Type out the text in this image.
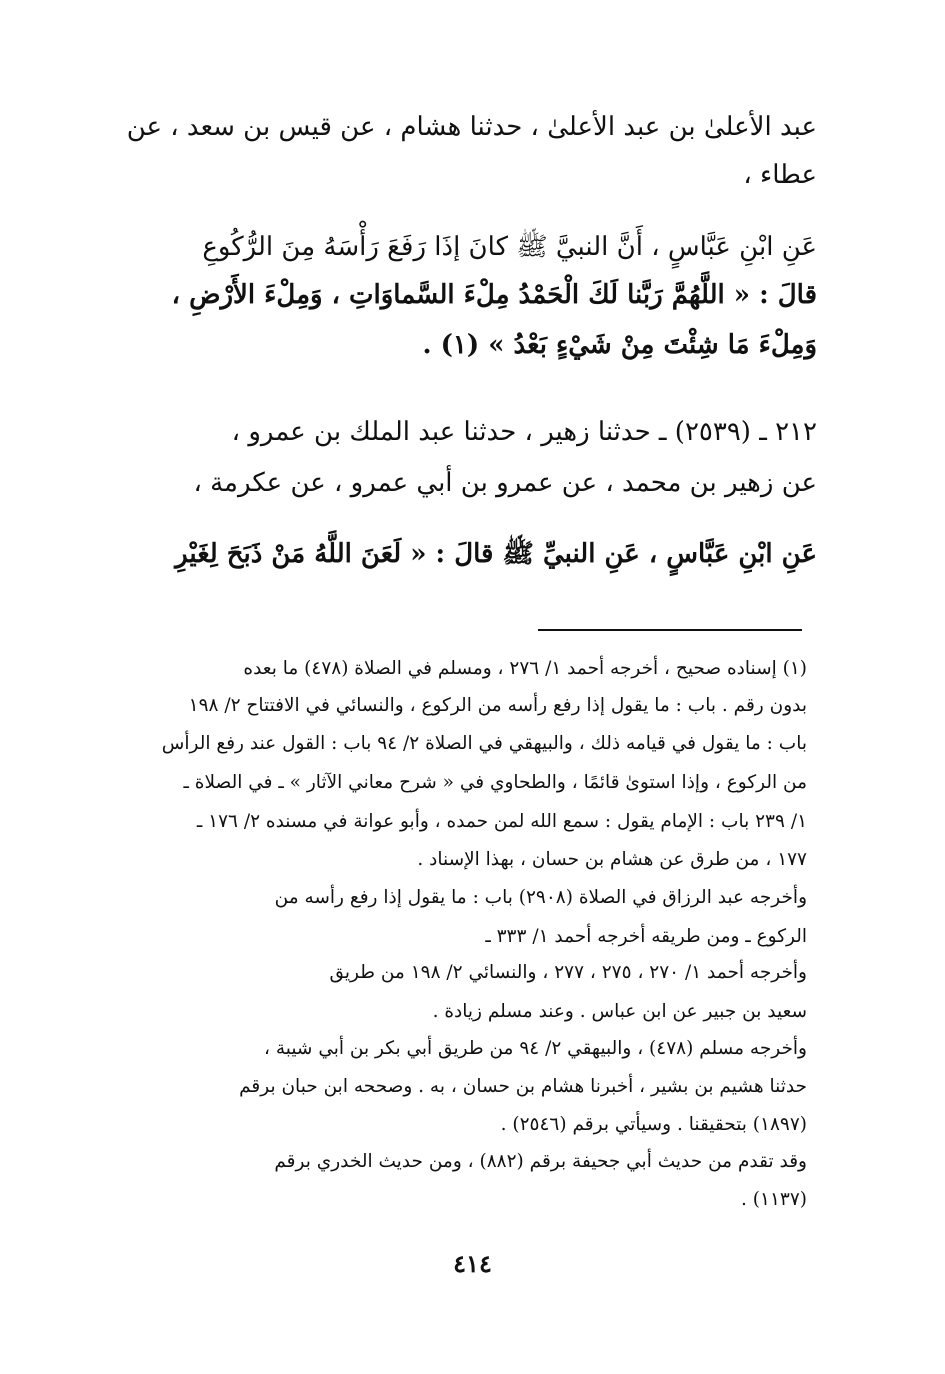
عبد الأعلىٰ بن عبد الأعلىٰ ، حدثنا هشام ، عن قيس بن سعد ، عن
عطاء ،
عَنِ ابْنِ عَبَّاسٍ ، أَنَّ النبيَّ ﷺ كانَ إذَا رَفَعَ رَأْسَهُ مِنَ الرُّكُوعِ
قالَ : « اللَّهُمَّ رَبَّنا لَكَ الْحَمْدُ مِلْءَ السَّماوَاتِ ، وَمِلْءَ الأَرْضِ ،
وَمِلْءَ مَا شِئْتَ مِنْ شَيْءٍ بَعْدُ » (١) .
٢١٢ ـ (٢٥٣٩) ـ حدثنا زهير ، حدثنا عبد الملك بن عمرو ،
عن زهير بن محمد ، عن عمرو بن أبي عمرو ، عن عكرمة ،
عَنِ ابْنِ عَبَّاسٍ ، عَنِ النبيِّ ﷺ قالَ : « لَعَنَ اللَّهُ مَنْ ذَبَحَ لِغَيْرِ
(١) إسناده صحيح ، أخرجه أحمد ١/ ٢٧٦ ، ومسلم في الصلاة (٤٧٨) ما بعده
بدون رقم . باب : ما يقول إذا رفع رأسه من الركوع ، والنسائي في الافتتاح ٢/ ١٩٨
باب : ما يقول في قيامه ذلك ، والبيهقي في الصلاة ٢/ ٩٤ باب : القول عند رفع الرأس
من الركوع ، وإذا استوىٰ قائمًا ، والطحاوي في « شرح معاني الآثار » ـ في الصلاة ـ
١/ ٢٣٩ باب : الإمام يقول : سمع الله لمن حمده ، وأبو عوانة في مسنده ٢/ ١٧٦ ـ
١٧٧ ، من طرق عن هشام بن حسان ، بهذا الإسناد .
وأخرجه عبد الرزاق في الصلاة (٢٩٠٨) باب : ما يقول إذا رفع رأسه من
الركوع ـ ومن طريقه أخرجه أحمد ١/ ٣٣٣ ـ
وأخرجه أحمد ١/ ٢٧٠ ، ٢٧٥ ، ٢٧٧ ، والنسائي ٢/ ١٩٨ من طريق
سعيد بن جبير عن ابن عباس . وعند مسلم زيادة .
وأخرجه مسلم (٤٧٨) ، والبيهقي ٢/ ٩٤ من طريق أبي بكر بن أبي شيبة ،
حدثنا هشيم بن بشير ، أخبرنا هشام بن حسان ، به . وصححه ابن حبان برقم
(١٨٩٧) بتحقيقنا . وسيأتي برقم (٢٥٤٦) .
وقد تقدم من حديث أبي جحيفة برقم (٨٨٢) ، ومن حديث الخدري برقم
(١١٣٧) .
٤١٤
